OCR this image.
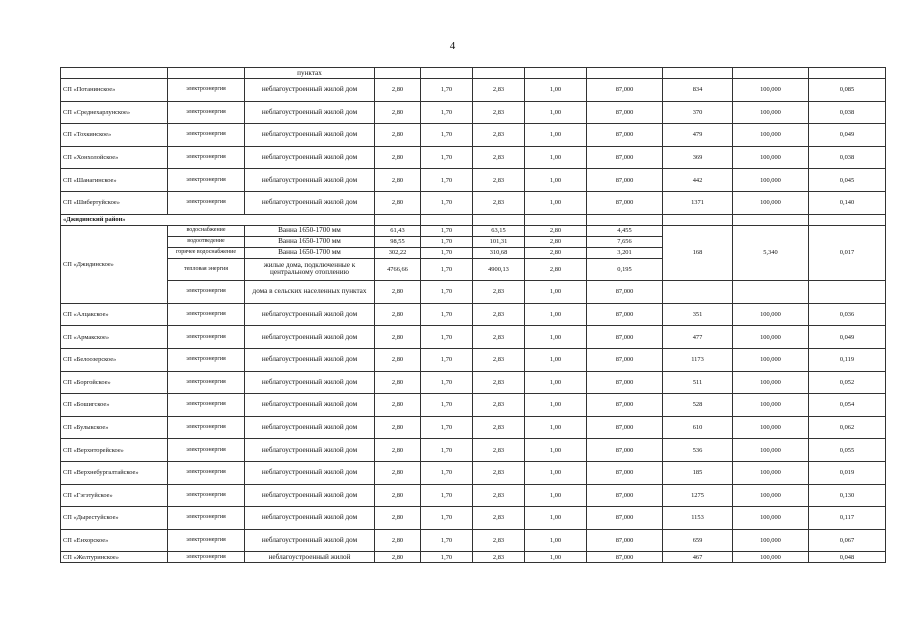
4
		пунктах								
СП «Потанинское»	электроэнергия	неблагоустроенный жилой дом	2,80	1,70	2,83	1,00	87,000	834	100,000	0,085
СП «Среднехарлунское»	электроэнергия	неблагоустроенный жилой дом	2,80	1,70	2,83	1,00	87,000	370	100,000	0,038
СП «Тохкинское»	электроэнергия	неблагоустроенный жилой дом	2,80	1,70	2,83	1,00	87,000	479	100,000	0,049
СП «Хонхолойское»	электроэнергия	неблагоустроенный жилой дом	2,80	1,70	2,83	1,00	87,000	369	100,000	0,038
СП «Шанагинское»	электроэнергия	неблагоустроенный жилой дом	2,80	1,70	2,83	1,00	87,000	442	100,000	0,045
СП «Шибертуйское»	электроэнергия	неблагоустроенный жилой дом	2,80	1,70	2,83	1,00	87,000	1371	100,000	0,140
«Джидинский район»										
СП «Джидинское»	водоснабжение	Ванна 1650-1700 мм	61,43	1,70	63,15	2,80	4,455	168	5,340	0,017
	водоотведение	Ванна 1650-1700 мм	98,55	1,70	101,31	2,80	7,656			
	горячее водоснабжение	Ванна 1650-1700 мм	302,22	1,70	310,68	2,80	3,201			
	тепловая энергия	жилые дома, подключенные к центральному отоплению	4766,66	1,70	4900,13	2,80	0,195			
	электроэнергия	дома в сельских населенных пунктах	2,80	1,70	2,83	1,00	87,000			
СП «Алцакское»	электроэнергия	неблагоустроенный жилой дом	2,80	1,70	2,83	1,00	87,000	351	100,000	0,036
СП «Армакское»	электроэнергия	неблагоустроенный жилой дом	2,80	1,70	2,83	1,00	87,000	477	100,000	0,049
СП «Белоозерское»	электроэнергия	неблагоустроенный жилой дом	2,80	1,70	2,83	1,00	87,000	1173	100,000	0,119
СП «Боргойское»	электроэнергия	неблагоустроенный жилой дом	2,80	1,70	2,83	1,00	87,000	511	100,000	0,052
СП «Бошигское»	электроэнергия	неблагоустроенный жилой дом	2,80	1,70	2,83	1,00	87,000	528	100,000	0,054
СП «Булыкское»	электроэнергия	неблагоустроенный жилой дом	2,80	1,70	2,83	1,00	87,000	610	100,000	0,062
СП «Верхнторейское»	электроэнергия	неблагоустроенный жилой дом	2,80	1,70	2,83	1,00	87,000	536	100,000	0,055
СП «Верхнебургалтайское»	электроэнергия	неблагоустроенный жилой дом	2,80	1,70	2,83	1,00	87,000	185	100,000	0,019
СП «Гэгэтуйское»	электроэнергия	неблагоустроенный жилой дом	2,80	1,70	2,83	1,00	87,000	1275	100,000	0,130
СП «Дырестуйское»	электроэнергия	неблагоустроенный жилой дом	2,80	1,70	2,83	1,00	87,000	1153	100,000	0,117
СП «Енхорское»	электроэнергия	неблагоустроенный жилой дом	2,80	1,70	2,83	1,00	87,000	659	100,000	0,067
СП «Желтуринское»	электроэнергия	неблагоустроенный жилой	2,80	1,70	2,83	1,00	87,000	467	100,000	0,048
